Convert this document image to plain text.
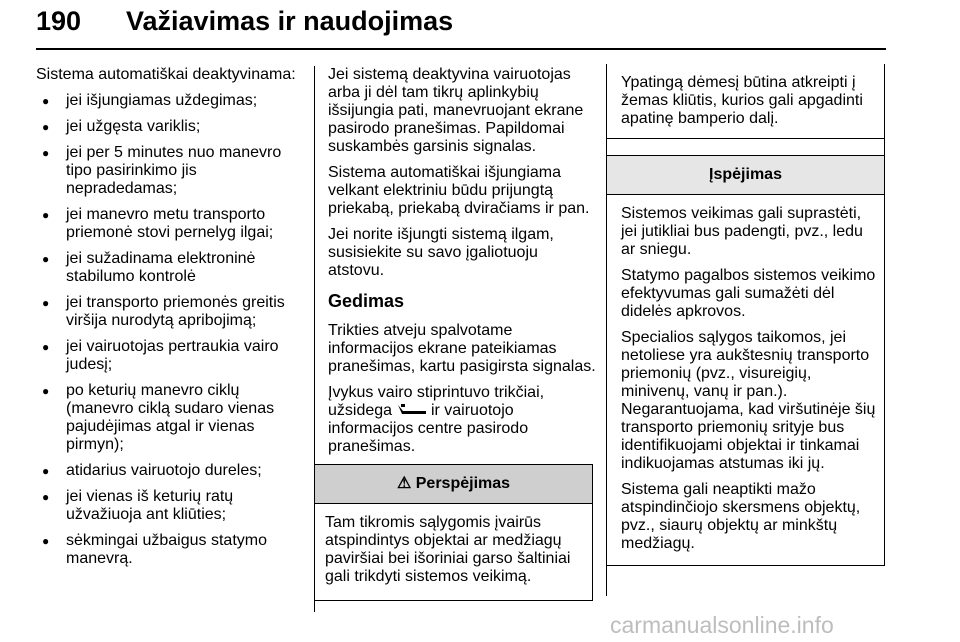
190 Važiavimas ir naudojimas

Sistema automatiškai deaktyvinama:

● jei išjungiamas uždegimas;
● jei užgęsta variklis;
● jei per 5 minutes nuo manevro tipo pasirinkimo jis nepradedamas;
● jei manevro metu transporto priemonė stovi pernelyg ilgai;
● jei sužadinama elektroninė stabilumo kontrolė
● jei transporto priemonės greitis viršija nurodytą apribojimą;
● jei vairuotojas pertraukia vairo judesį;
● po keturių manevro ciklų (manevro ciklą sudaro vienas pajudėjimas atgal ir vienas pirmyn);
● atidarius vairuotojo dureles;
● jei vienas iš keturių ratų užvažiuoja ant kliūties;
● sėkmingai užbaigus statymo manevrą.

Jei sistemą deaktyvina vairuotojas arba ji dėl tam tikrų aplinkybių išsijungia pati, manevruojant ekrane pasirodo pranešimas. Papildomai suskambės garsinis signalas.

Sistema automatiškai išjungiama velkant elektriniu būdu prijungtą priekabą, priekabą dviračiams ir pan.

Jei norite išjungti sistemą ilgam, susisiekite su savo įgaliotuoju atstovu.

Gedimas

Trikties atveju spalvotame informacijos ekrane pateikiamas pranešimas, kartu pasigirsta signalas.

Įvykus vairo stiprintuvo trikčiai, užsidega  ir vairuotojo informacijos centre pasirodo pranešimas.

⚠ Perspėjimas

Tam tikromis sąlygomis įvairūs atspindintys objektai ar medžiagų paviršiai bei išoriniai garso šaltiniai gali trikdyti sistemos veikimą.

Ypatingą dėmesį būtina atkreipti į žemas kliūtis, kurios gali apgadinti apatinę bamperio dalį.

Įspėjimas

Sistemos veikimas gali suprastėti, jei jutikliai bus padengti, pvz., ledu ar sniegu.

Statymo pagalbos sistemos veikimo efektyvumas gali sumažėti dėl didelės apkrovos.

Specialios sąlygos taikomos, jei netoliese yra aukštesnių transporto priemonių (pvz., visureigių, minivenų, vanų ir pan.). Negarantuojama, kad viršutinėje šių transporto priemonių srityje bus identifikuojami objektai ir tinkamai indikuojamas atstumas iki jų.

Sistema gali neaptikti mažo atspindinčiojo skersmens objektų, pvz., siaurų objektų ar minkštų medžiagų.

carmanualsonline.info
